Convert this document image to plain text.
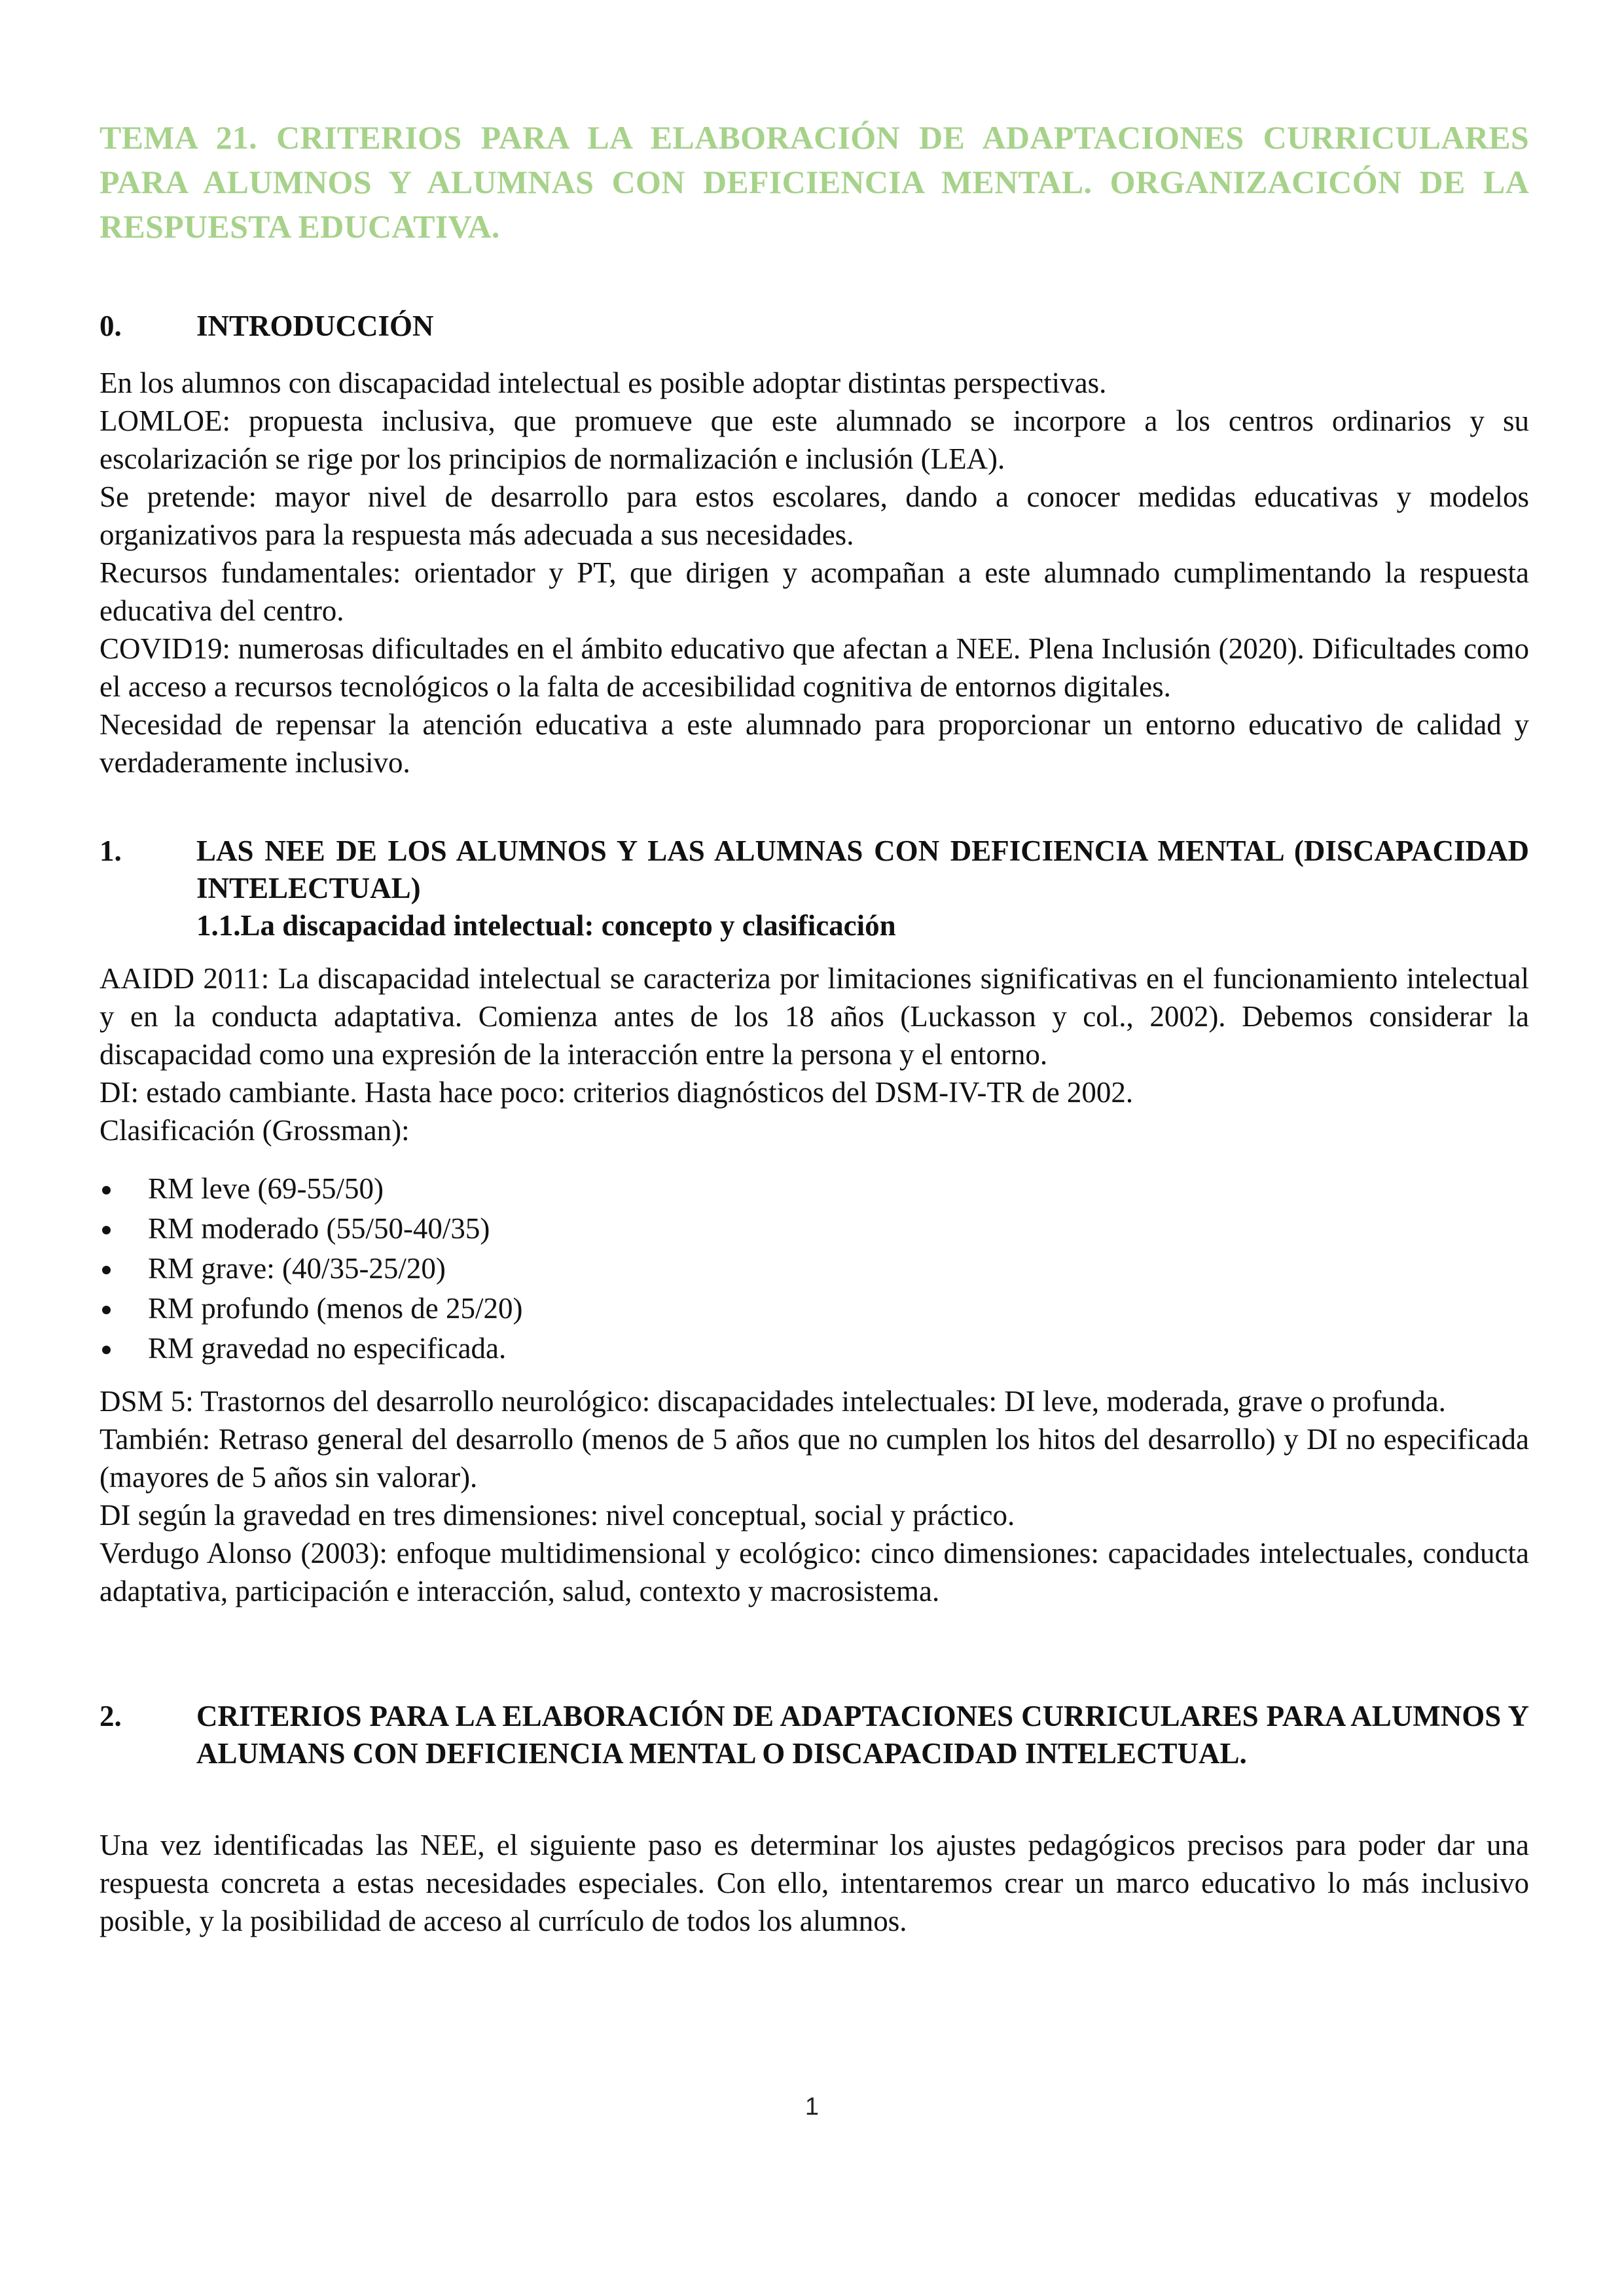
TEMA 21. CRITERIOS PARA LA ELABORACIÓN DE ADAPTACIONES CURRICULARES PARA ALUMNOS Y ALUMNAS CON DEFICIENCIA MENTAL. ORGANIZACICÓN DE LA RESPUESTA EDUCATIVA.
0.	INTRODUCCIÓN

En los alumnos con discapacidad intelectual es posible adoptar distintas perspectivas.

LOMLOE: propuesta inclusiva, que promueve que este alumnado se incorpore a los centros ordinarios y su escolarización se rige por los principios de normalización e inclusión (LEA).

Se pretende: mayor nivel de desarrollo para estos escolares, dando a conocer medidas educativas y modelos organizativos para la respuesta más adecuada a sus necesidades.

Recursos fundamentales: orientador y PT, que dirigen y acompañan a este alumnado cumplimentando la respuesta educativa del centro.

COVID19: numerosas dificultades en el ámbito educativo que afectan a NEE. Plena Inclusión (2020). Dificultades como el acceso a recursos tecnológicos o la falta de accesibilidad cognitiva de entornos digitales.

Necesidad de repensar la atención educativa a este alumnado para proporcionar un entorno educativo de calidad y verdaderamente inclusivo.

1.	LAS NEE DE LOS ALUMNOS Y LAS ALUMNAS CON DEFICIENCIA MENTAL (DISCAPACIDAD INTELECTUAL)
1.1.La discapacidad intelectual: concepto y clasificación

AAIDD 2011: La discapacidad intelectual se caracteriza por limitaciones significativas en el funcionamiento intelectual y en la conducta adaptativa. Comienza antes de los 18 años (Luckasson y col., 2002). Debemos considerar la discapacidad como una expresión de la interacción entre la persona y el entorno.

DI: estado cambiante. Hasta hace poco: criterios diagnósticos del DSM-IV-TR de 2002.

Clasificación (Grossman):

RM leve (69-55/50)
RM moderado (55/50-40/35)
RM grave: (40/35-25/20)
RM profundo (menos de 25/20)
RM gravedad no especificada.

DSM 5: Trastornos del desarrollo neurológico: discapacidades intelectuales: DI leve, moderada, grave o profunda.

También: Retraso general del desarrollo (menos de 5 años que no cumplen los hitos del desarrollo) y DI no especificada (mayores de 5 años sin valorar).

DI según la gravedad en tres dimensiones: nivel conceptual, social y práctico.

Verdugo Alonso (2003): enfoque multidimensional y ecológico: cinco dimensiones: capacidades intelectuales, conducta adaptativa, participación e interacción, salud, contexto y macrosistema.

2.	CRITERIOS PARA LA ELABORACIÓN DE ADAPTACIONES CURRICULARES PARA ALUMNOS Y ALUMANS CON DEFICIENCIA MENTAL O DISCAPACIDAD INTELECTUAL.

Una vez identificadas las NEE, el siguiente paso es determinar los ajustes pedagógicos precisos para poder dar una respuesta concreta a estas necesidades especiales. Con ello, intentaremos crear un marco educativo lo más inclusivo posible, y la posibilidad de acceso al currículo de todos los alumnos.

1
